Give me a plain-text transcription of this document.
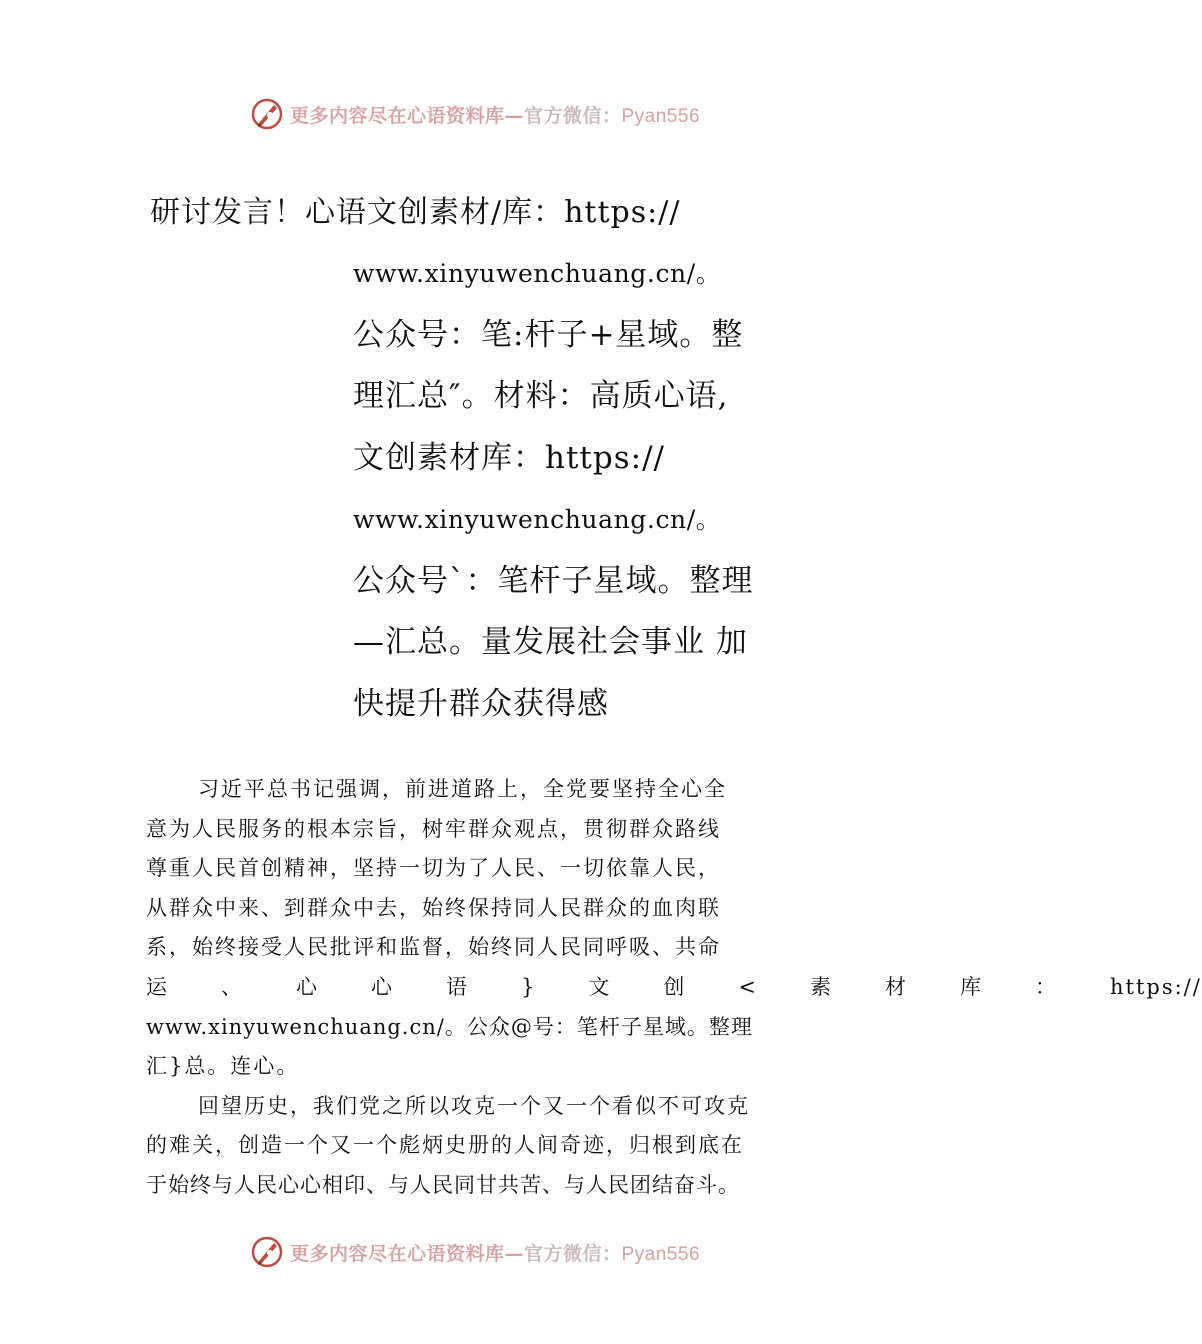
更多内容尽在心语资料库—官方微信：Pyan556
研讨发言！心语文创素材/库：https://
www.xinyuwenchuang.cn/。
公众号：笔:杆子+星域。整
理汇总″。材料：高质心语,
文创素材库：https://
www.xinyuwenchuang.cn/。
公众号`：笔杆子星域。整理
—汇总。量发展社会事业 加
快提升群众获得感

习近平总书记强调，前进道路上，全党要坚持全心全
意为人民服务的根本宗旨，树牢群众观点，贯彻群众路线
尊重人民首创精神，坚持一切为了人民、一切依靠人民，
从群众中来、到群众中去，始终保持同人民群众的血肉联
系，始终接受人民批评和监督，始终同人民同呼吸、共命
运	、	心	心	语	}	文	创	<	素	材	库	：	https://
www.xinyuwenchuang.cn/。公众@号：笔杆子星域。整理
汇}总。连心。

回望历史，我们党之所以攻克一个又一个看似不可攻克
的难关，创造一个又一个彪炳史册的人间奇迹，归根到底在
于始终与人民心心相印、与人民同甘共苦、与人民团结奋斗。

更多内容尽在心语资料库—官方微信：Pyan556
